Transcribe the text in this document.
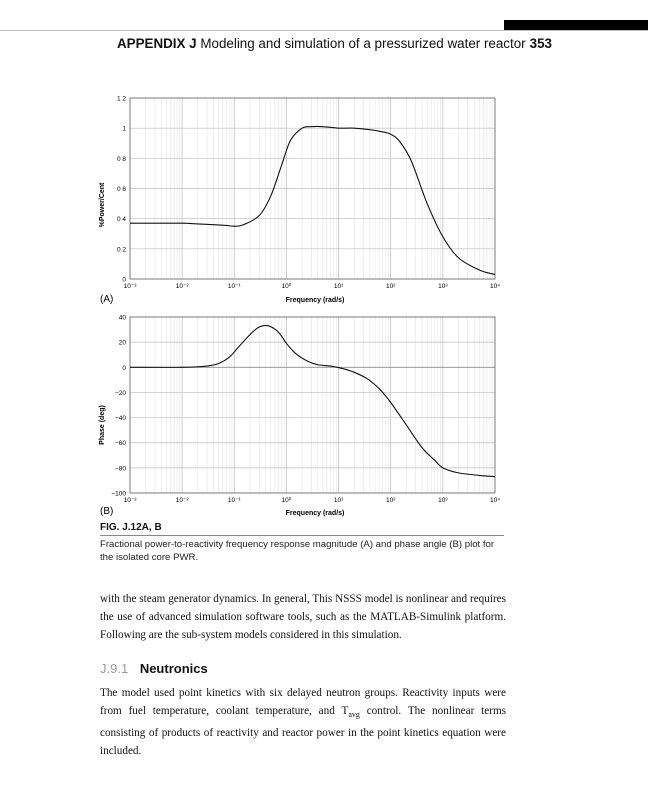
APPENDIX J Modeling and simulation of a pressurized water reactor 353
10⁻³	10⁻²	10⁻¹	10⁰	10¹	10²	10³	10⁴
0
0 2
0 4
0 6
0 8
1
1 2
%Power/Cent
Frequency (rad/s)
(A)
10⁻³	10⁻²	10⁻¹	10⁰	10¹	10²	10³	10⁴
−100
−80
−60
−40
−20
0
20
40
Phase (deg)
Frequency (rad/s)
(B)
FIG. J.12A, B
Fractional power-to-reactivity frequency response magnitude (A) and phase angle (B) plot for the isolated core PWR.
with the steam generator dynamics. In general, This NSSS model is nonlinear and requires the use of advanced simulation software tools, such as the MATLAB-Simulink platform. Following are the sub-system models considered in this simulation.
J.9.1 Neutronics
The model used point kinetics with six delayed neutron groups. Reactivity inputs were from fuel temperature, coolant temperature, and $T_{avg}$ control. The nonlinear terms consisting of products of reactivity and reactor power in the point kinetics equation were included.
